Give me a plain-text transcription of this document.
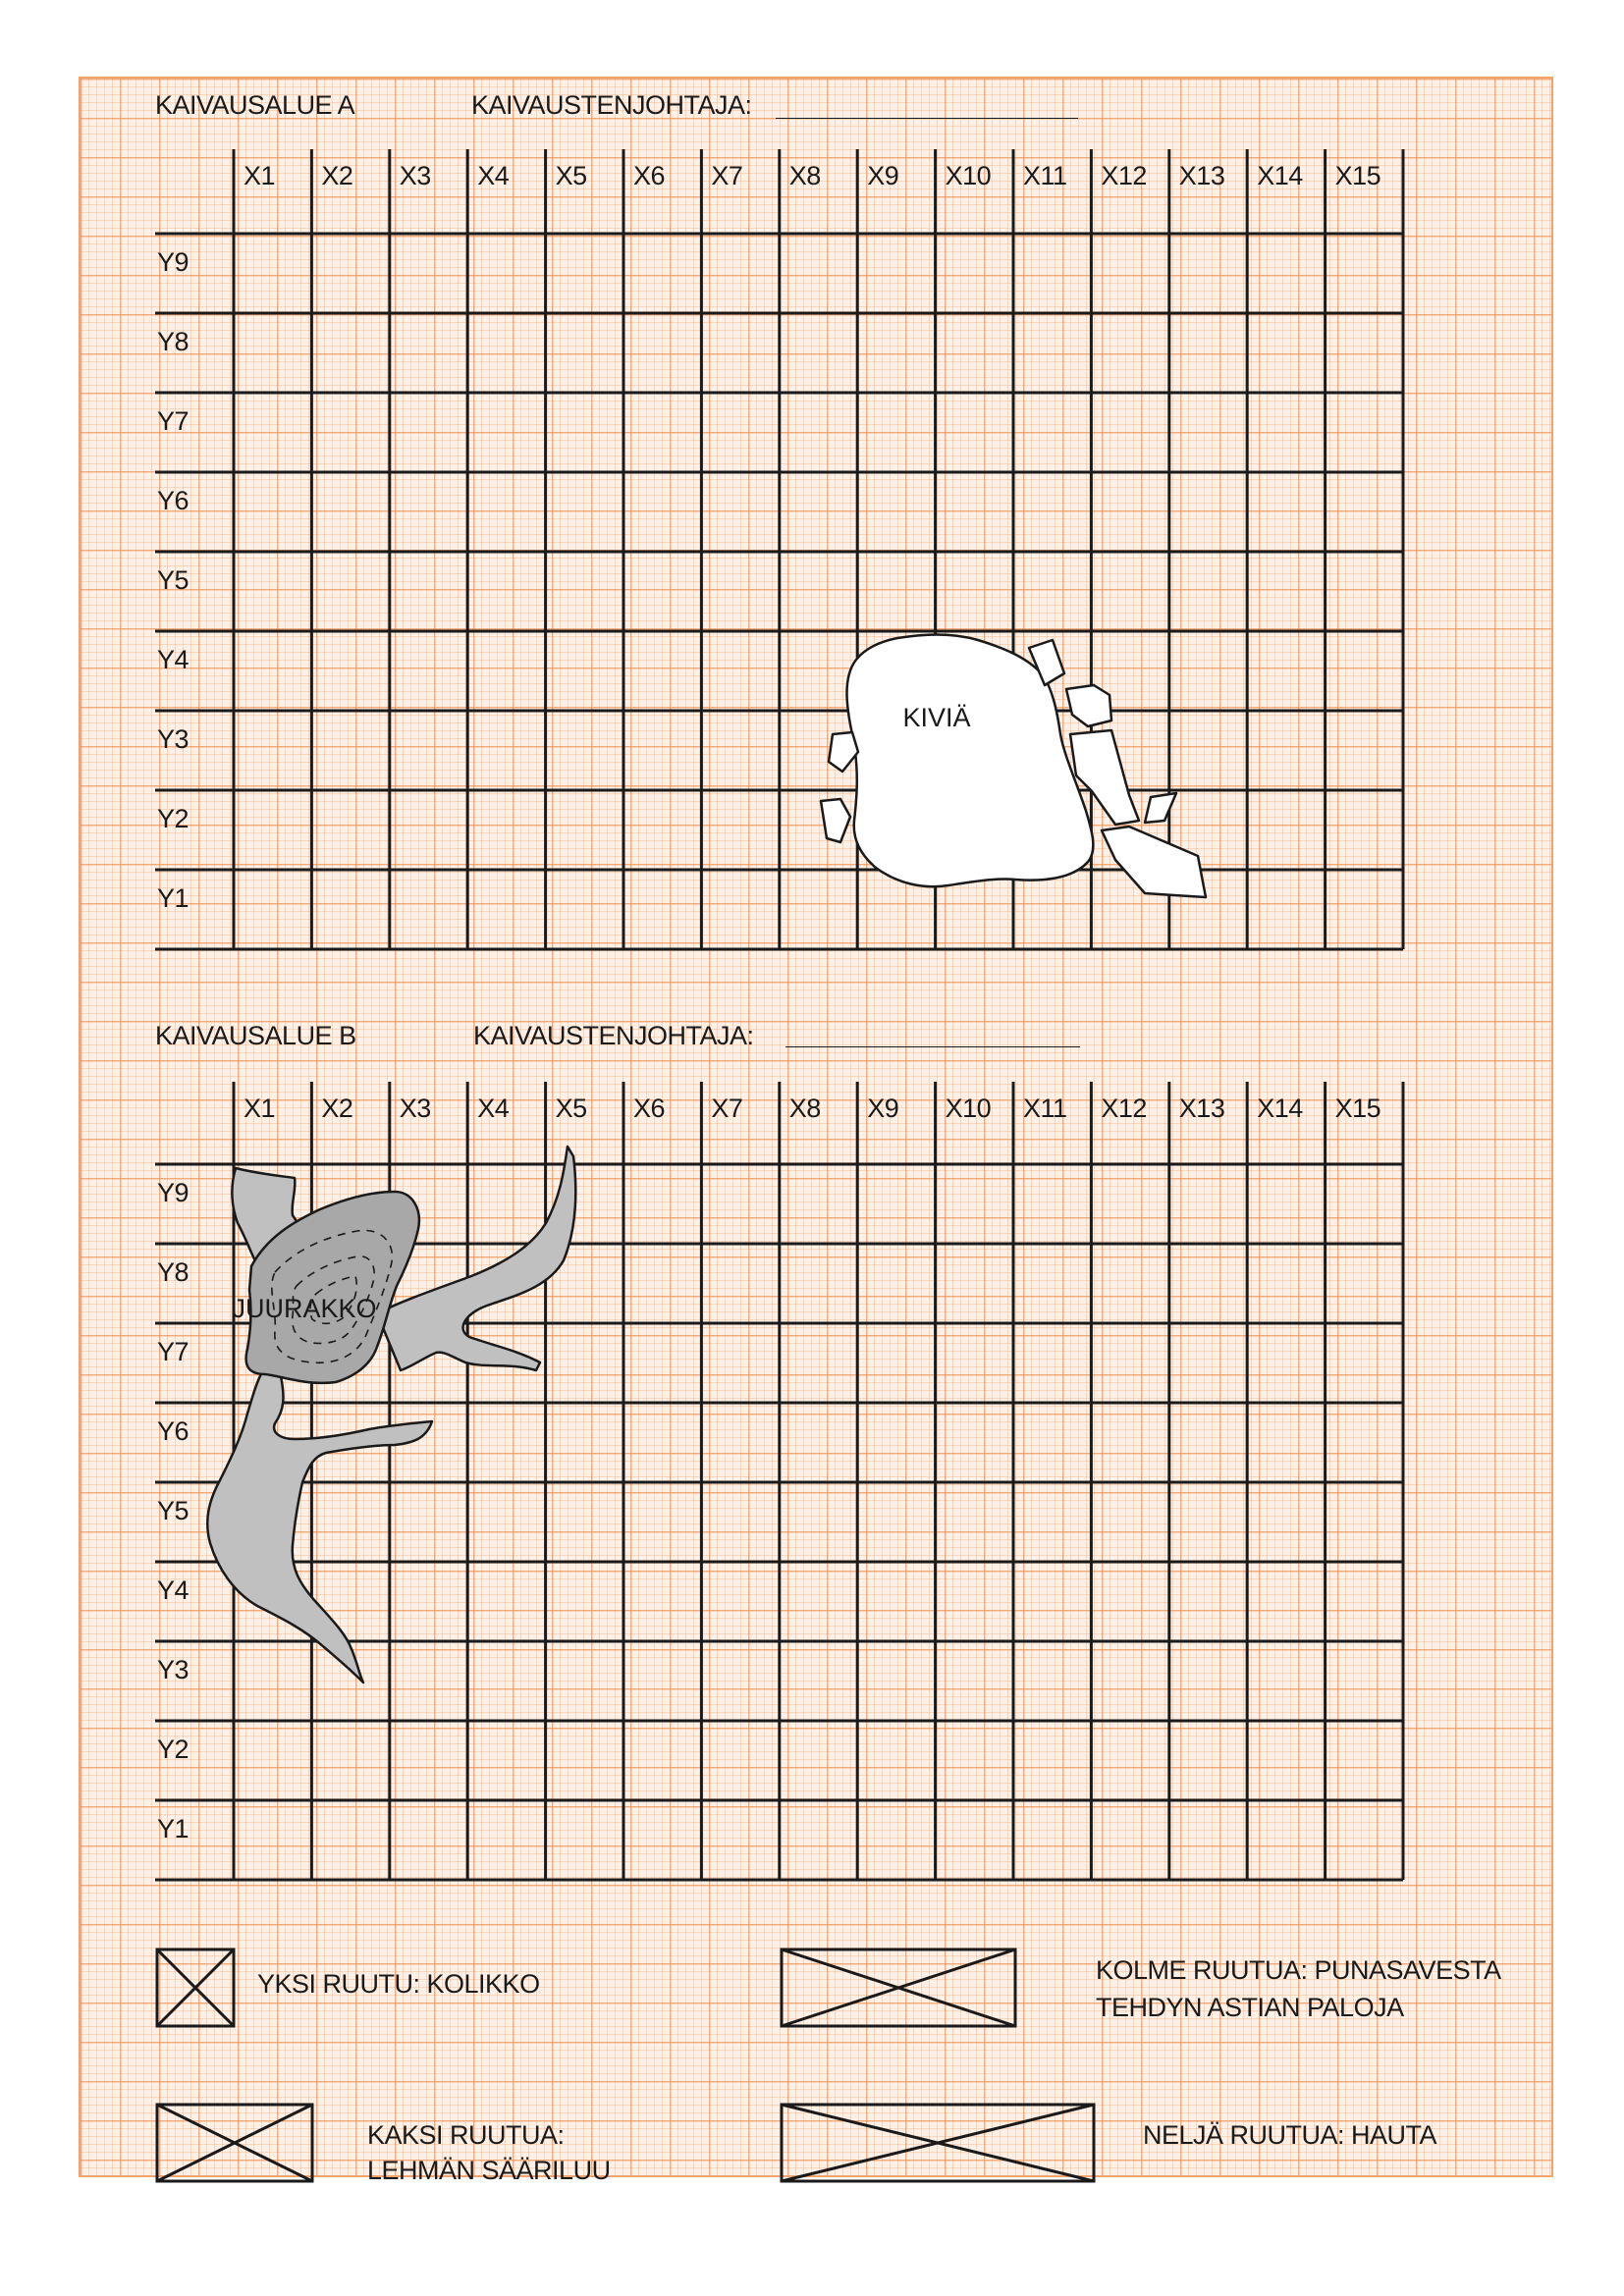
KAIVAUSALUE A	KAIVAUSTENJOHTAJA:
KAIVAUSALUE B	KAIVAUSTENJOHTAJA:
X1 X2 X3 X4 X5 X6 X7 X8 X9 X10 X11 X12 X13 X14 X15
Y9
Y8
Y7
Y6
Y5
Y4
Y3
Y2
Y1
X1 X2 X3 X4 X5 X6 X7 X8 X9 X10 X11 X12 X13 X14 X15
Y9
Y8
Y7
Y6
Y5
Y4
Y3
Y2
Y1
KIVIÄ
JUURAKKO
YKSI RUUTU: KOLIKKO
KAKSI RUUTUA:
LEHMÄN SÄÄRILUU
KOLME RUUTUA: PUNASAVESTA
TEHDYN ASTIAN PALOJA
NELJÄ RUUTUA: HAUTA
